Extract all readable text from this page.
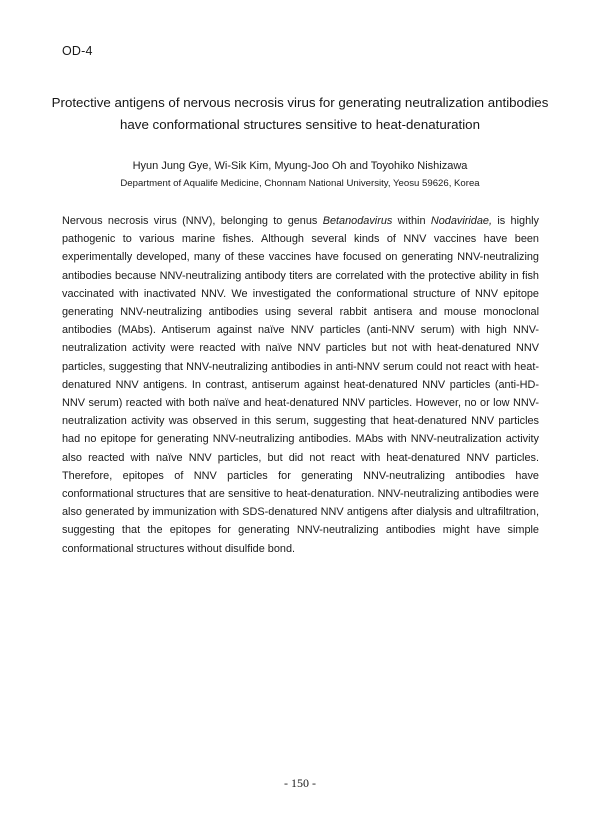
OD-4
Protective antigens of nervous necrosis virus for generating neutralization antibodies
have conformational structures sensitive to heat-denaturation
Hyun Jung Gye, Wi-Sik Kim, Myung-Joo Oh and Toyohiko Nishizawa
Department of Aqualife Medicine, Chonnam National University, Yeosu 59626, Korea

Nervous necrosis virus (NNV), belonging to genus Betanodavirus within Nodaviridae, is highly pathogenic to various marine fishes. Although several kinds of NNV vaccines have been experimentally developed, many of these vaccines have focused on generating NNV-neutralizing antibodies because NNV-neutralizing antibody titers are correlated with the protective ability in fish vaccinated with inactivated NNV. We investigated the conformational structure of NNV epitope generating NNV-neutralizing antibodies using several rabbit antisera and mouse monoclonal antibodies (MAbs). Antiserum against naïve NNV particles (anti-NNV serum) with high NNV-neutralization activity were reacted with naïve NNV particles but not with heat-denatured NNV particles, suggesting that NNV-neutralizing antibodies in anti-NNV serum could not react with heat-denatured NNV antigens. In contrast, antiserum against heat-denatured NNV particles (anti-HD-NNV serum) reacted with both naïve and heat-denatured NNV particles. However, no or low NNV-neutralization activity was observed in this serum, suggesting that heat-denatured NNV particles had no epitope for generating NNV-neutralizing antibodies. MAbs with NNV-neutralization activity also reacted with naïve NNV particles, but did not react with heat-denatured NNV particles. Therefore, epitopes of NNV particles for generating NNV-neutralizing antibodies have conformational structures that are sensitive to heat-denaturation. NNV-neutralizing antibodies were also generated by immunization with SDS-denatured NNV antigens after dialysis and ultrafiltration, suggesting that the epitopes for generating NNV-neutralizing antibodies might have simple conformational structures without disulfide bond.

- 150 -
